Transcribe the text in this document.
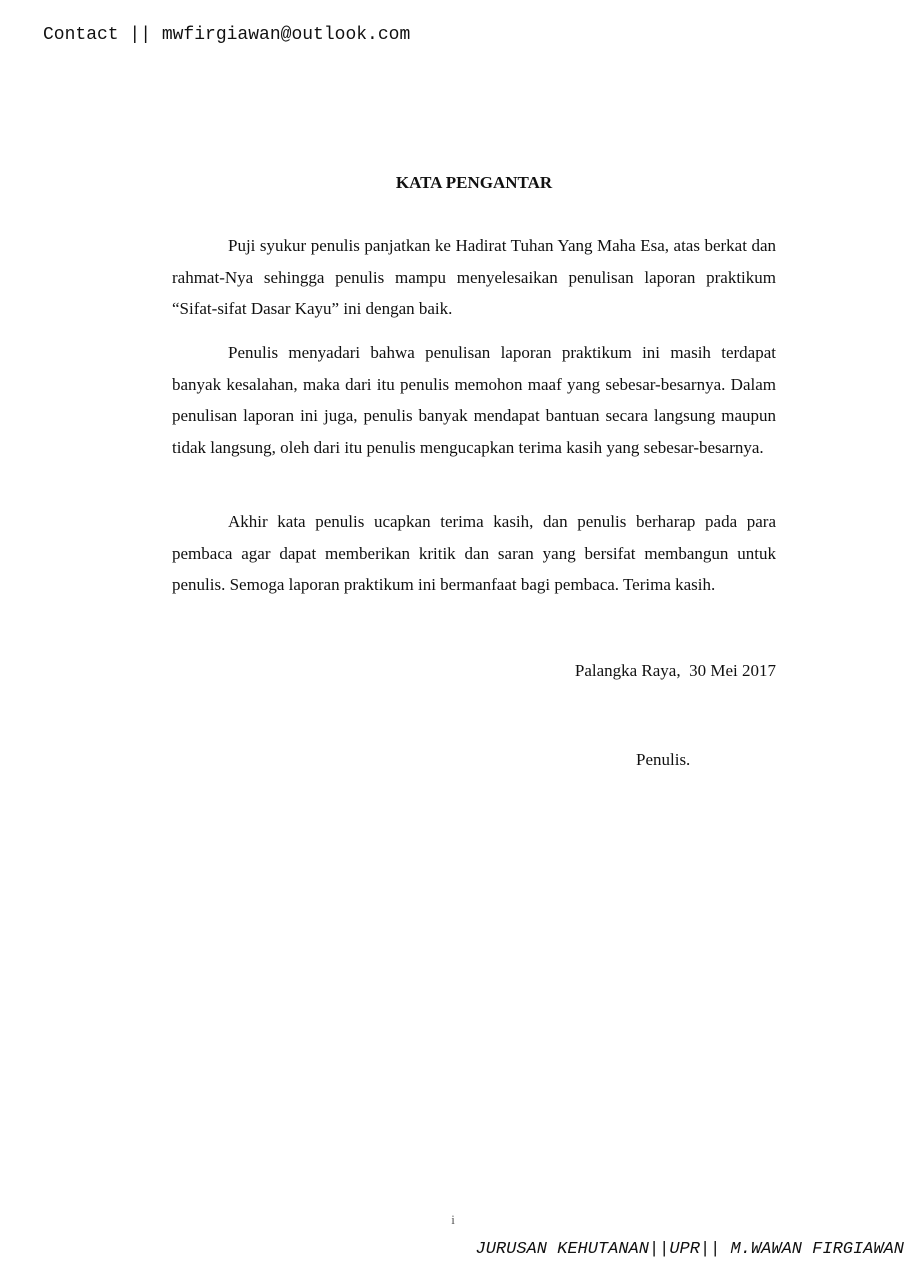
Contact || mwfirgiawan@outlook.com
KATA PENGANTAR

Puji syukur penulis panjatkan ke Hadirat Tuhan Yang Maha Esa, atas berkat dan rahmat-Nya sehingga penulis mampu menyelesaikan penulisan laporan praktikum “Sifat-sifat Dasar Kayu” ini dengan baik.

Penulis menyadari bahwa penulisan laporan praktikum ini masih terdapat banyak kesalahan, maka dari itu penulis memohon maaf yang sebesar-besarnya. Dalam penulisan laporan ini juga, penulis banyak mendapat bantuan secara langsung maupun tidak langsung, oleh dari itu penulis mengucapkan terima kasih yang sebesar-besarnya.

Akhir kata penulis ucapkan terima kasih, dan penulis berharap pada para pembaca agar dapat memberikan kritik dan saran yang bersifat membangun untuk penulis. Semoga laporan praktikum ini bermanfaat bagi pembaca. Terima kasih.

Palangka Raya,  30 Mei 2017

Penulis.

i
JURUSAN KEHUTANAN||UPR|| M.WAWAN FIRGIAWAN
